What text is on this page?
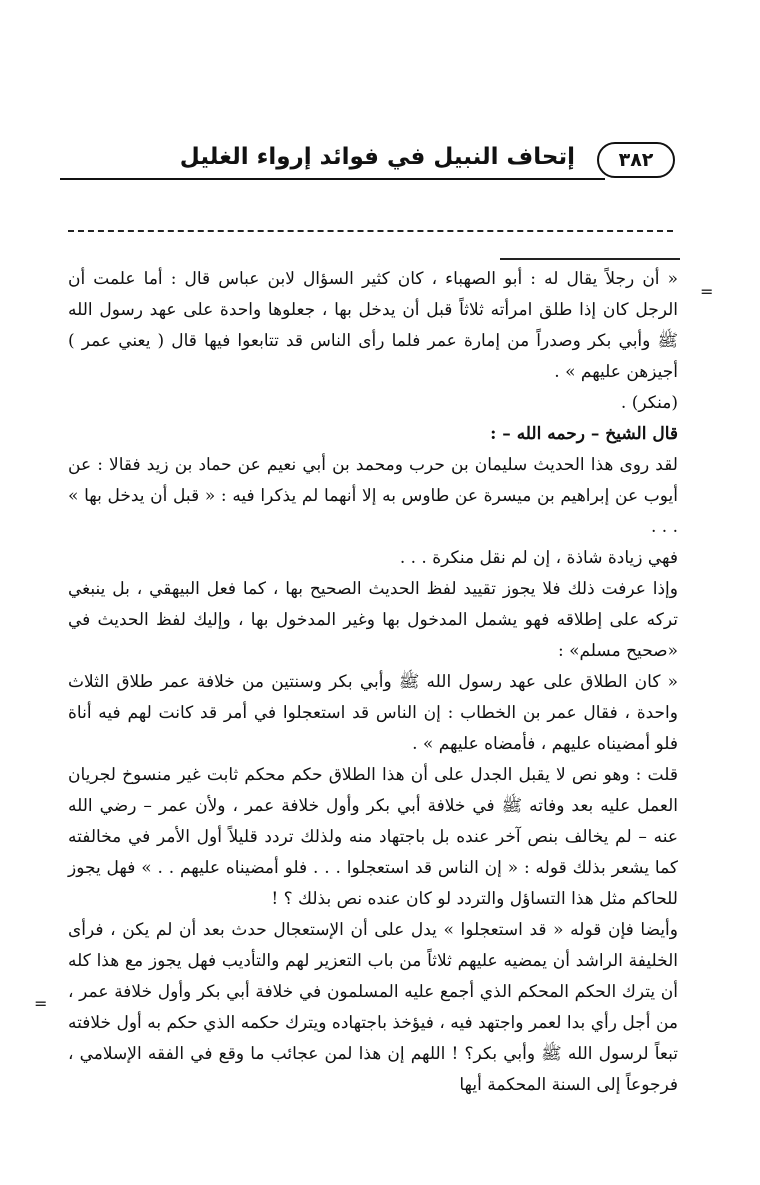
٣٨٢
إتحاف النبيل في فوائد إرواء الغليل
=
=

« أن رجلاً يقال له : أبو الصهباء ، كان كثير السؤال لابن عباس قال : أما علمت أن الرجل كان إذا طلق امرأته ثلاثاً قبل أن يدخل بها ، جعلوها واحدة على عهد رسول الله ﷺ وأبي بكر وصدراً من إمارة عمر فلما رأى الناس قد تتابعوا فيها قال ( يعني عمر ) أجيزهن عليهم » .

(منكر) .

قال الشيخ – رحمه الله – :

لقد روى هذا الحديث سليمان بن حرب ومحمد بن أبي نعيم عن حماد بن زيد فقالا : عن أيوب عن إبراهيم بن ميسرة عن طاوس به إلا أنهما لم يذكرا فيه : « قبل أن يدخل بها » . . .

فهي زيادة شاذة ، إن لم نقل منكرة . . .

وإذا عرفت ذلك فلا يجوز تقييد لفظ الحديث الصحيح بها ، كما فعل البيهقي ، بل ينبغي تركه على إطلاقه فهو يشمل المدخول بها وغير المدخول بها ، وإليك لفظ الحديث في «صحيح مسلم» :

« كان الطلاق على عهد رسول الله ﷺ وأبي بكر وسنتين من خلافة عمر طلاق الثلاث واحدة ، فقال عمر بن الخطاب : إن الناس قد استعجلوا في أمر قد كانت لهم فيه أناة فلو أمضيناه عليهم ، فأمضاه عليهم » .

قلت : وهو نص لا يقبل الجدل على أن هذا الطلاق حكم محكم ثابت غير منسوخ لجريان العمل عليه بعد وفاته ﷺ في خلافة أبي بكر وأول خلافة عمر ، ولأن عمر – رضي الله عنه – لم يخالف بنص آخر عنده بل باجتهاد منه ولذلك تردد قليلاً أول الأمر في مخالفته كما يشعر بذلك قوله : « إن الناس قد استعجلوا . . . فلو أمضيناه عليهم . . » فهل يجوز للحاكم مثل هذا التساؤل والتردد لو كان عنده نص بذلك ؟ !

وأيضا فإن قوله « قد استعجلوا » يدل على أن الإستعجال حدث بعد أن لم يكن ، فرأى الخليفة الراشد أن يمضيه عليهم ثلاثاً من باب التعزير لهم والتأديب فهل يجوز مع هذا كله أن يترك الحكم المحكم الذي أجمع عليه المسلمون في خلافة أبي بكر وأول خلافة عمر ، من أجل رأي بدا لعمر واجتهد فيه ، فيؤخذ باجتهاده ويترك حكمه الذي حكم به أول خلافته تبعاً لرسول الله ﷺ وأبي بكر؟ ! اللهم إن هذا لمن عجائب ما وقع في الفقه الإسلامي ، فرجوعاً إلى السنة المحكمة أيها
